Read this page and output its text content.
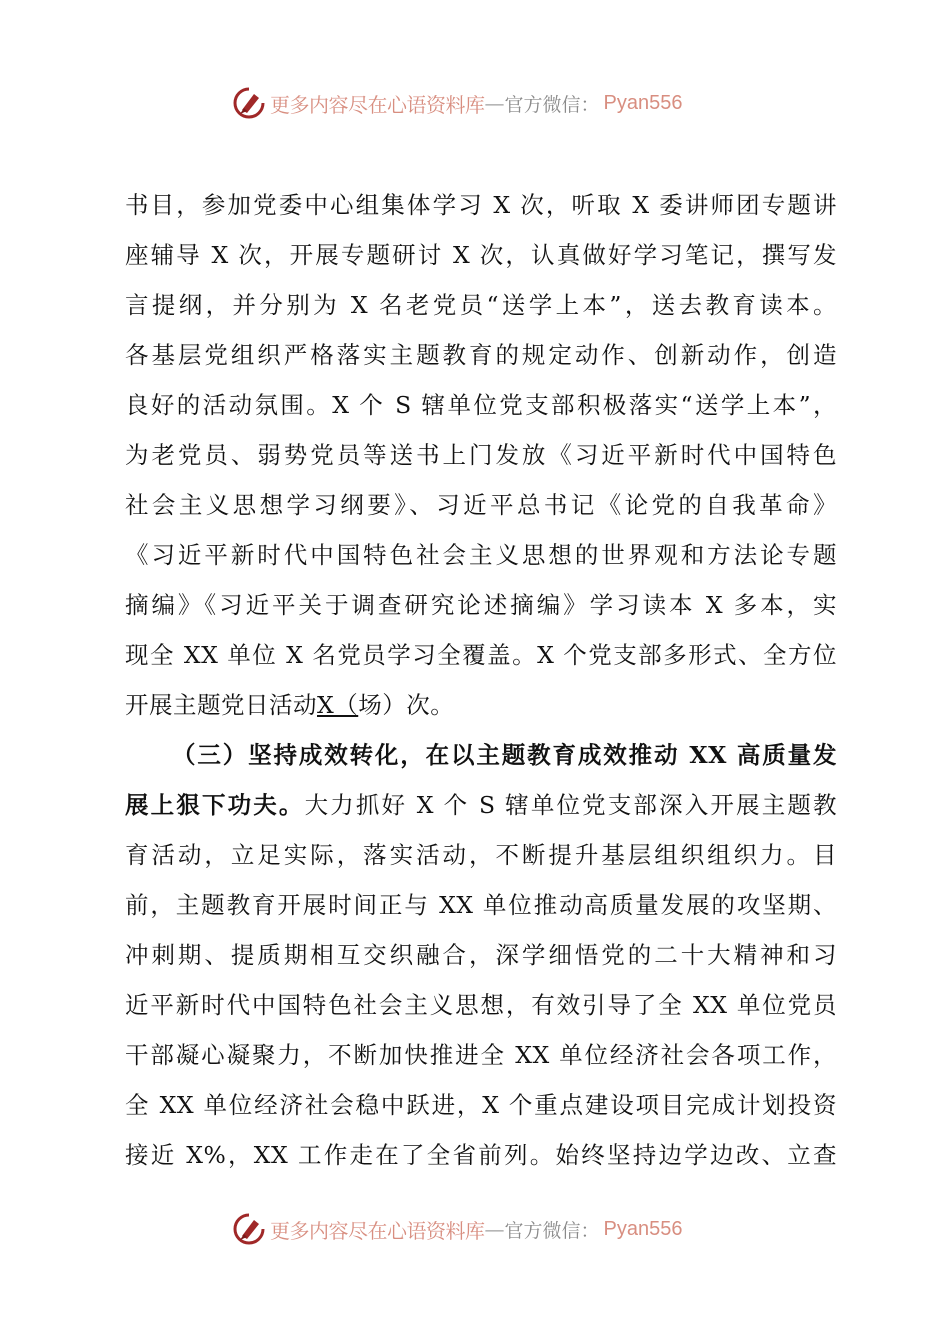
更多内容尽在心语资料库 — 官方微信： Pyan556
书目，参加党委中心组集体学习 X 次，听取 X 委讲师团专题讲
座辅导 X 次，开展专题研讨 X 次，认真做好学习笔记，撰写发
言提纲，并分别为 X 名老党员“送学上本”，送去教育读本。
各基层党组织严格落实主题教育的规定动作、创新动作，创造
良好的活动氛围。X 个 S 辖单位党支部积极落实“送学上本”，
为老党员、弱势党员等送书上门发放《习近平新时代中国特色
社会主义思想学习纲要》、习近平总书记《论党的自我革命》
《习近平新时代中国特色社会主义思想的世界观和方法论专题
摘编》《习近平关于调查研究论述摘编》学习读本 X 多本，实
现全 XX 单位 X 名党员学习全覆盖。X 个党支部多形式、全方位
开展主题党日活动X（场）次。
（三）坚持成效转化，在以主题教育成效推动 XX 高质量发
展上狠下功夫。大力抓好 X 个 S 辖单位党支部深入开展主题教
育活动，立足实际，落实活动，不断提升基层组织组织力。目
前，主题教育开展时间正与 XX 单位推动高质量发展的攻坚期、
冲刺期、提质期相互交织融合，深学细悟党的二十大精神和习
近平新时代中国特色社会主义思想，有效引导了全 XX 单位党员
干部凝心凝聚力，不断加快推进全 XX 单位经济社会各项工作，
全 XX 单位经济社会稳中跃进，X 个重点建设项目完成计划投资
接近 X%，XX 工作走在了全省前列。始终坚持边学边改、立查
更多内容尽在心语资料库 — 官方微信： Pyan556
